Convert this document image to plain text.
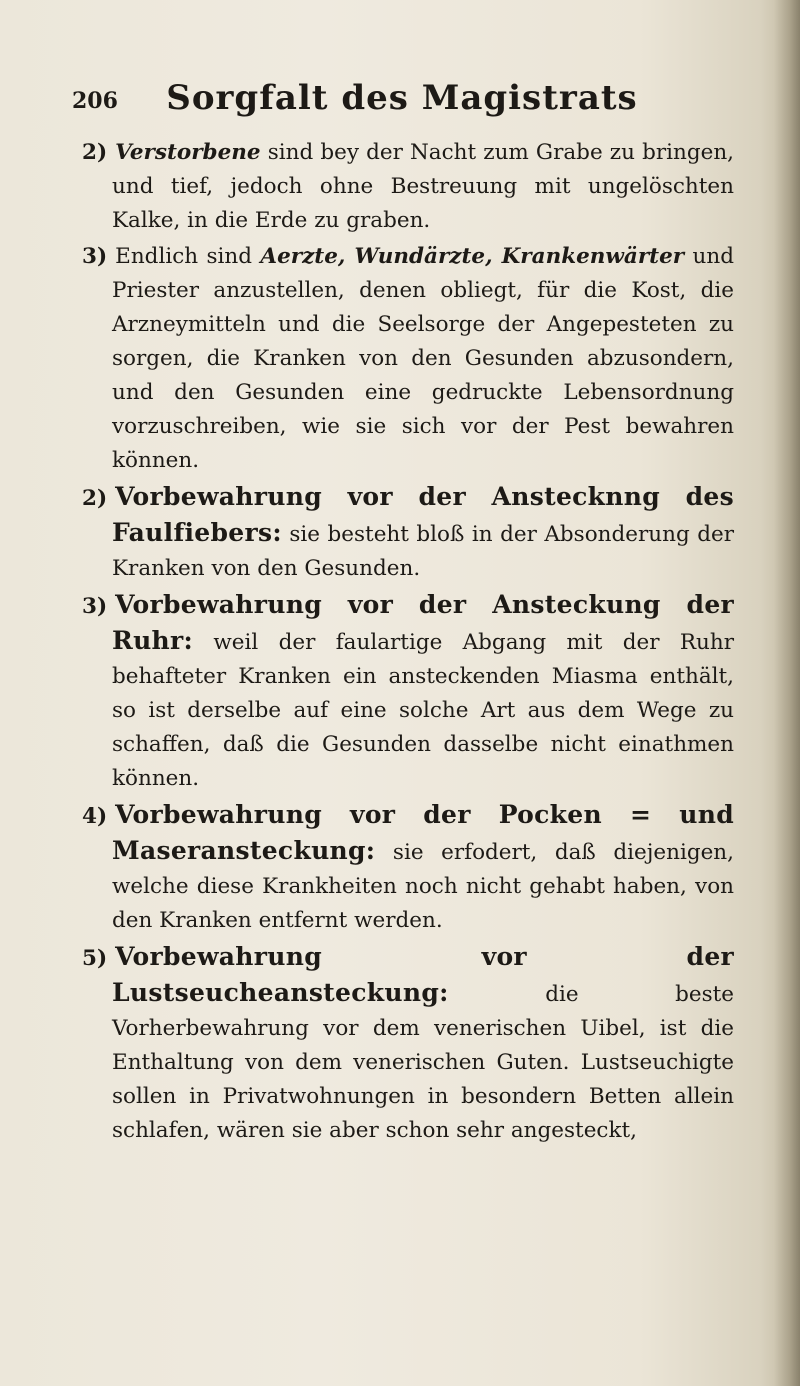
206	Sorgfalt des Magistrats

2) Verstorbene sind bey der Nacht zum Grabe zu bringen, und tief, jedoch ohne Bestreuung mit ungelöschten Kalke, in die Erde zu graben.

3) Endlich sind Aerzte, Wundärzte, Krankenwärter und Priester anzustellen, denen obliegt, für die Kost, die Arzneymitteln und die Seelsorge der Angepesteten zu sorgen, die Kranken von den Gesunden abzusondern, und den Gesunden eine gedruckte Lebensordnung vorzuschreiben, wie sie sich vor der Pest bewahren können.

2) Vorbewahrung vor der Anstecknng des Faulfiebers: sie besteht bloß in der Absonderung der Kranken von den Gesunden.

3) Vorbewahrung vor der Ansteckung der Ruhr: weil der faulartige Abgang mit der Ruhr behafteter Kranken ein ansteckenden Miasma enthält, so ist derselbe auf eine solche Art aus dem Wege zu schaffen, daß die Gesunden dasselbe nicht einathmen können.

4) Vorbewahrung vor der Pocken = und Maseransteckung: sie erfodert, daß diejenigen, welche diese Krankheiten noch nicht gehabt haben, von den Kranken entfernt werden.

5) Vorbewahrung vor der Lustseucheansteckung:	die beste Vorherbewahrung vor dem venerischen Uibel, ist die Enthaltung von dem venerischen Guten. Lustseuchigte sollen in Privatwohnungen in besondern Betten allein schlafen, wären sie aber schon sehr angesteckt,
